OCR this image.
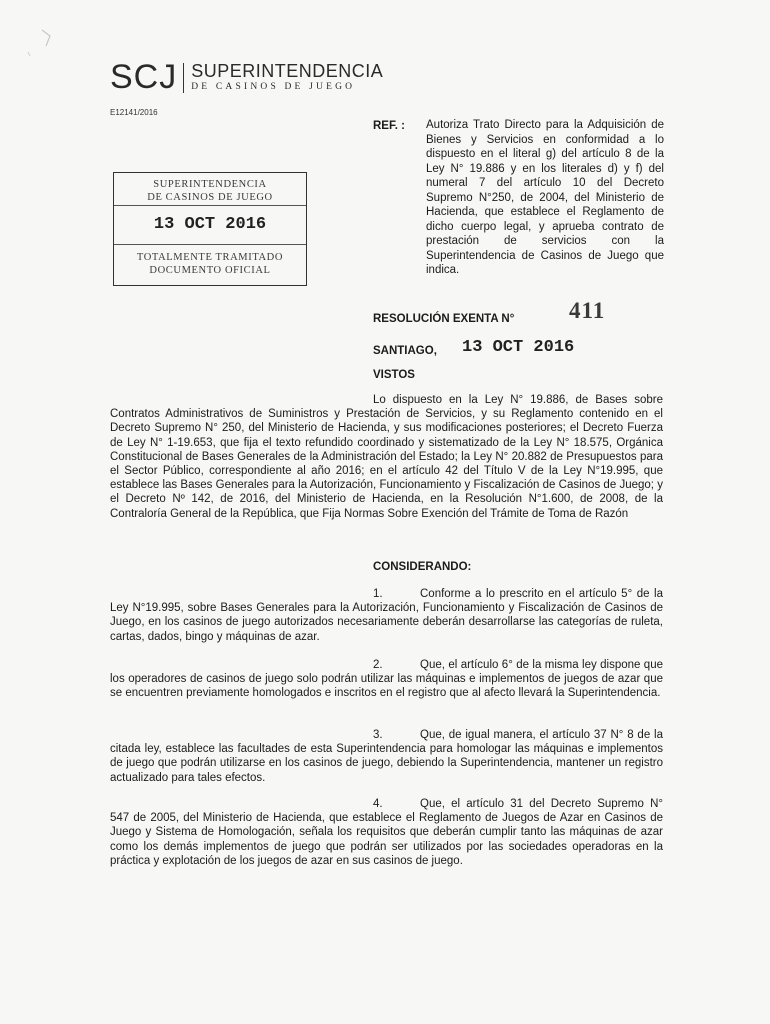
SCJ SUPERINTENDENCIA
DE CASINOS DE JUEGO
E12141/2016
SUPERINTENDENCIA
DE CASINOS DE JUEGO
13 OCT 2016
TOTALMENTE TRAMITADO
DOCUMENTO OFICIAL
REF. : Autoriza Trato Directo para la Adquisición de Bienes y Servicios en conformidad a lo dispuesto en el literal g) del artículo 8 de la Ley N° 19.886 y en los literales d) y f) del numeral 7 del artículo 10 del Decreto Supremo N°250, de 2004, del Ministerio de Hacienda, que establece el Reglamento de dicho cuerpo legal, y aprueba contrato de prestación de servicios con la Superintendencia de Casinos de Juego que indica.

RESOLUCIÓN EXENTA N° 411
SANTIAGO, 13 OCT 2016
VISTOS

Lo dispuesto en la Ley N° 19.886, de Bases sobre Contratos Administrativos de Suministros y Prestación de Servicios, y su Reglamento contenido en el Decreto Supremo N° 250, del Ministerio de Hacienda, y sus modificaciones posteriores; el Decreto Fuerza de Ley N° 1-19.653, que fija el texto refundido coordinado y sistematizado de la Ley N° 18.575, Orgánica Constitucional de Bases Generales de la Administración del Estado; la Ley N° 20.882 de Presupuestos para el Sector Público, correspondiente al año 2016; en el artículo 42 del Título V de la Ley N°19.995, que establece las Bases Generales para la Autorización, Funcionamiento y Fiscalización de Casinos de Juego; y el Decreto Nº 142, de 2016, del Ministerio de Hacienda, en la Resolución N°1.600, de 2008, de la Contraloría General de la República, que Fija Normas Sobre Exención del Trámite de Toma de Razón

CONSIDERANDO:

1.	Conforme a lo prescrito en el artículo 5° de la Ley N°19.995, sobre Bases Generales para la Autorización, Funcionamiento y Fiscalización de Casinos de Juego, en los casinos de juego autorizados necesariamente deberán desarrollarse las categorías de ruleta, cartas, dados, bingo y máquinas de azar.

2.	Que, el artículo 6° de la misma ley dispone que los operadores de casinos de juego solo podrán utilizar las máquinas e implementos de juegos de azar que se encuentren previamente homologados e inscritos en el registro que al afecto llevará la Superintendencia.

3.	Que, de igual manera, el artículo 37 N° 8 de la citada ley, establece las facultades de esta Superintendencia para homologar las máquinas e implementos de juego que podrán utilizarse en los casinos de juego, debiendo la Superintendencia, mantener un registro actualizado para tales efectos.

4.	Que, el artículo 31 del Decreto Supremo N° 547 de 2005, del Ministerio de Hacienda, que establece el Reglamento de Juegos de Azar en Casinos de Juego y Sistema de Homologación, señala los requisitos que deberán cumplir tanto las máquinas de azar como los demás implementos de juego que podrán ser utilizados por las sociedades operadoras en la práctica y explotación de los juegos de azar en sus casinos de juego.
